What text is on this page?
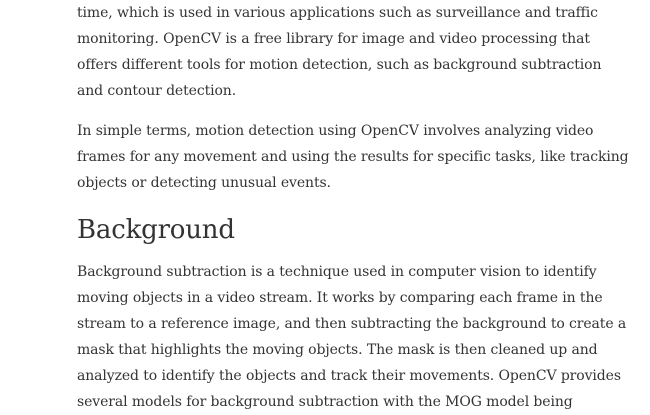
time, which is used in various applications such as surveillance and traffic
monitoring. OpenCV is a free library for image and video processing that
offers different tools for motion detection, such as background subtraction
and contour detection.

In simple terms, motion detection using OpenCV involves analyzing video
frames for any movement and using the results for specific tasks, like tracking
objects or detecting unusual events.

Background

Background subtraction is a technique used in computer vision to identify
moving objects in a video stream. It works by comparing each frame in the
stream to a reference image, and then subtracting the background to create a
mask that highlights the moving objects. The mask is then cleaned up and
analyzed to identify the objects and track their movements. OpenCV provides
several models for background subtraction with the MOG model being
